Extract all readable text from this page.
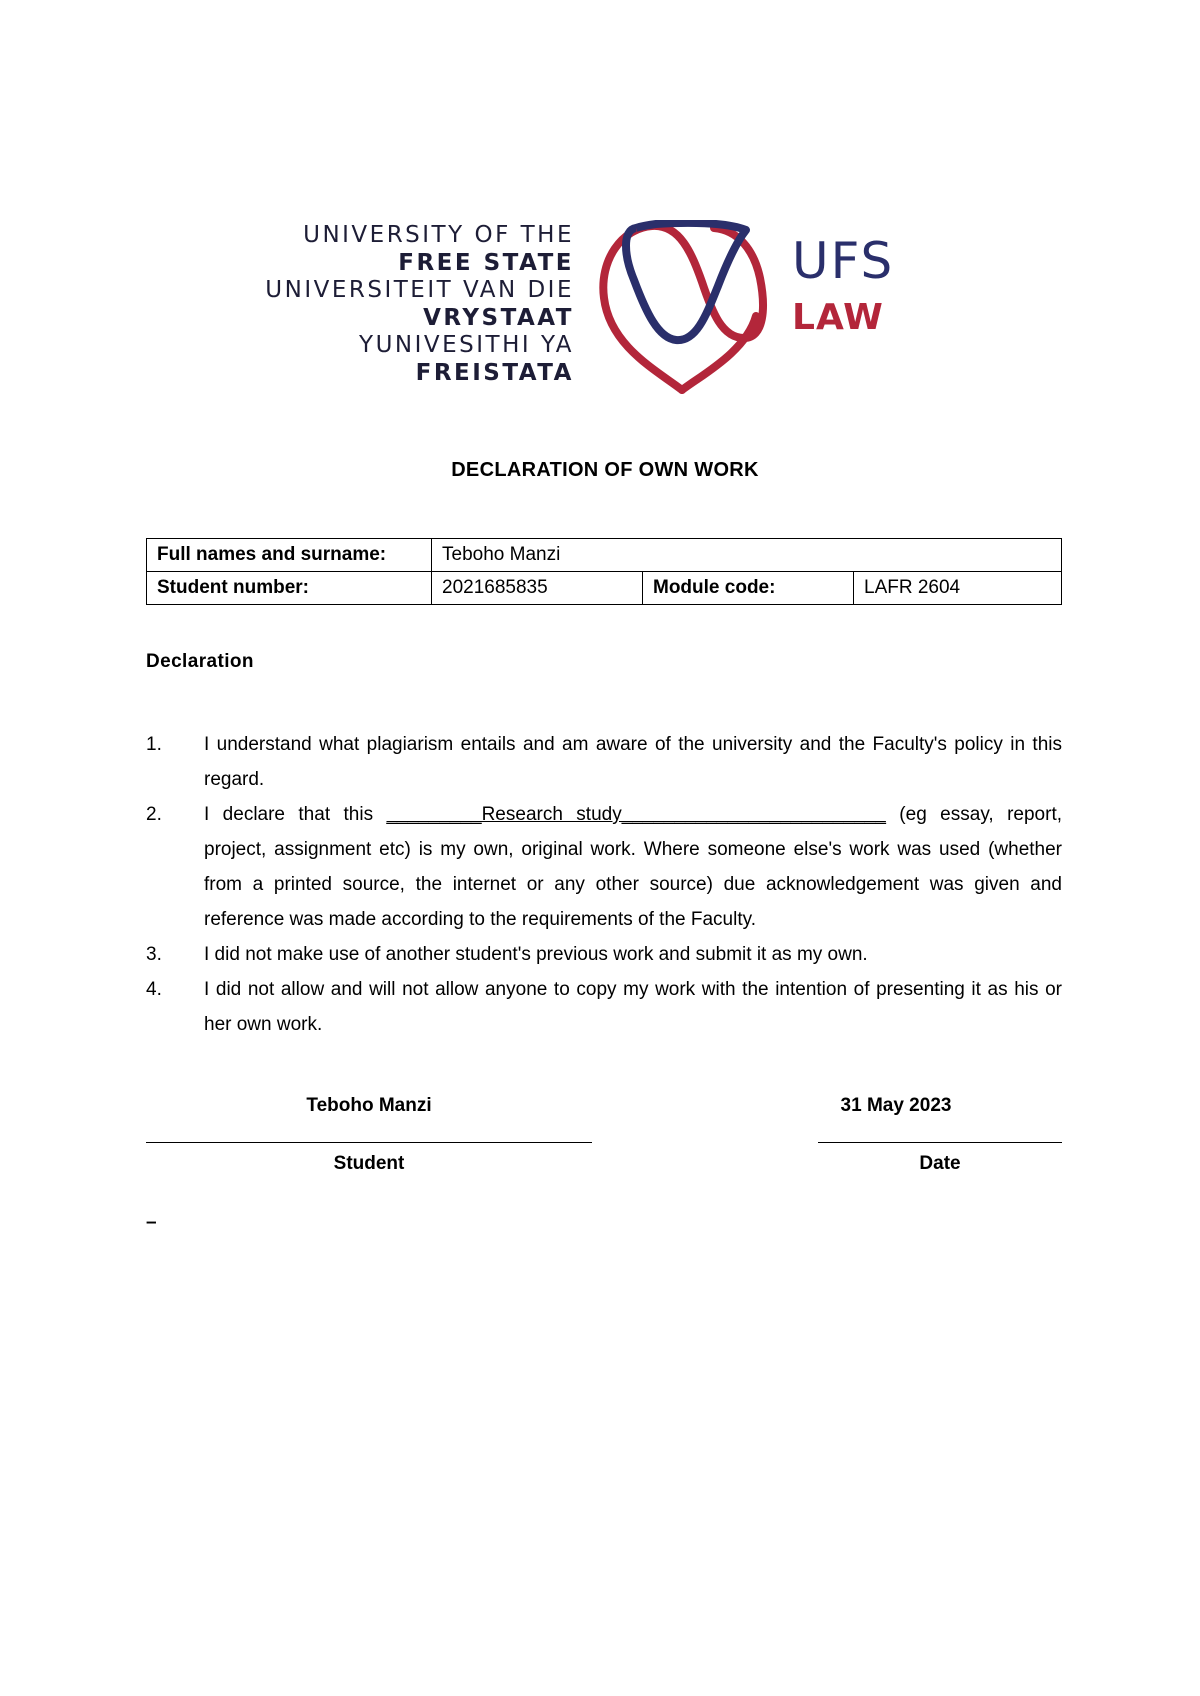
UNIVERSITY OF THE
FREE STATE
UNIVERSITEIT VAN DIE
VRYSTAAT
YUNIVESITHI YA
FREISTATA
UFS
LAW
DECLARATION OF OWN WORK
Full names and surname:	Teboho Manzi		
Student number:	2021685835	Module code:	LAFR 2604
Declaration
1. I understand what plagiarism entails and am aware of the university and the Faculty's policy in this regard.
2. I declare that this _________Research study_________________________ (eg essay, report, project, assignment etc) is my own, original work. Where someone else's work was used (whether from a printed source, the internet or any other source) due acknowledgement was given and reference was made according to the requirements of the Faculty.
3. I did not make use of another student's previous work and submit it as my own.
4. I did not allow and will not allow anyone to copy my work with the intention of presenting it as his or her own work.
Teboho Manzi
Student
31 May 2023
Date
–
